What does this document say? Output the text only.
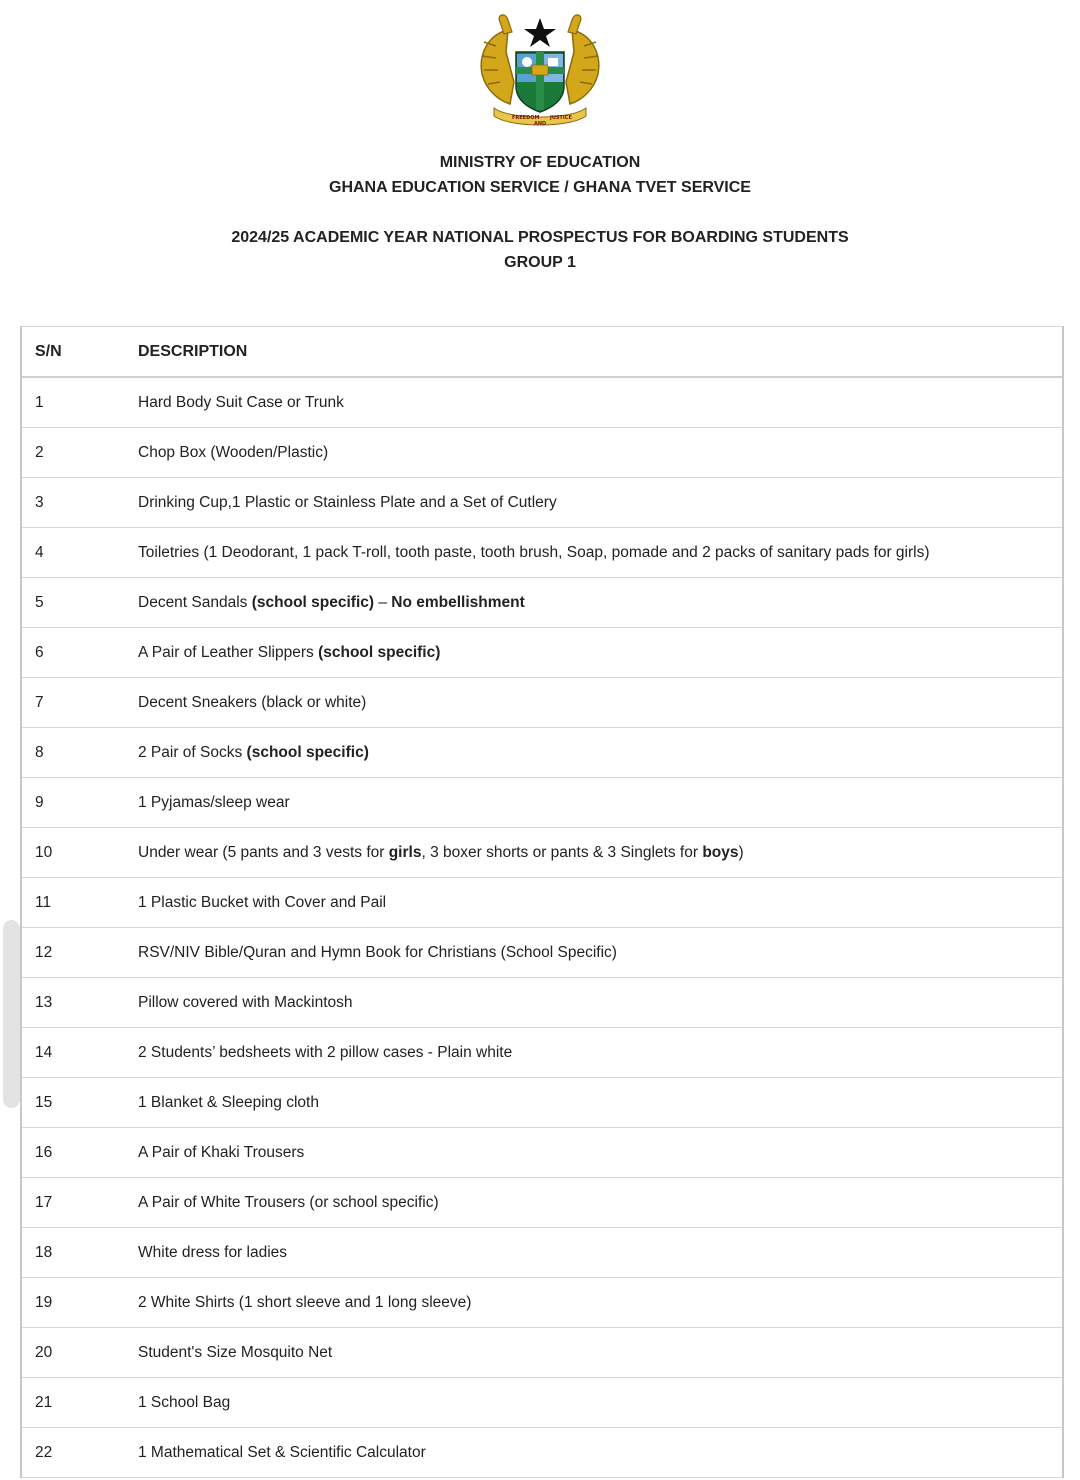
FREEDOM
AND
JUSTICE
MINISTRY OF EDUCATION
GHANA EDUCATION SERVICE / GHANA TVET SERVICE
2024/25 ACADEMIC YEAR NATIONAL PROSPECTUS FOR BOARDING STUDENTS
GROUP 1
S/N	DESCRIPTION
1	Hard Body Suit Case or Trunk
2	Chop Box (Wooden/Plastic)
3	Drinking Cup,1 Plastic or Stainless Plate and a Set of Cutlery
4	Toiletries (1 Deodorant, 1 pack T-roll, tooth paste, tooth brush, Soap, pomade and 2 packs of sanitary pads for girls)
5	Decent Sandals (school specific) – No embellishment
6	A Pair of Leather Slippers (school specific)
7	Decent Sneakers (black or white)
8	2 Pair of Socks (school specific)
9	1 Pyjamas/sleep wear
10	Under wear (5 pants and 3 vests for girls, 3 boxer shorts or pants & 3 Singlets for boys)
11	1 Plastic Bucket with Cover and Pail
12	RSV/NIV Bible/Quran and Hymn Book for Christians (School Specific)
13	Pillow covered with Mackintosh
14	2 Students’ bedsheets with 2 pillow cases - Plain white
15	1 Blanket & Sleeping cloth
16	A Pair of Khaki Trousers
17	A Pair of White Trousers (or school specific)
18	White dress for ladies
19	2 White Shirts (1 short sleeve and 1 long sleeve)
20	Student's Size Mosquito Net
21	1 School Bag
22	1 Mathematical Set & Scientific Calculator
